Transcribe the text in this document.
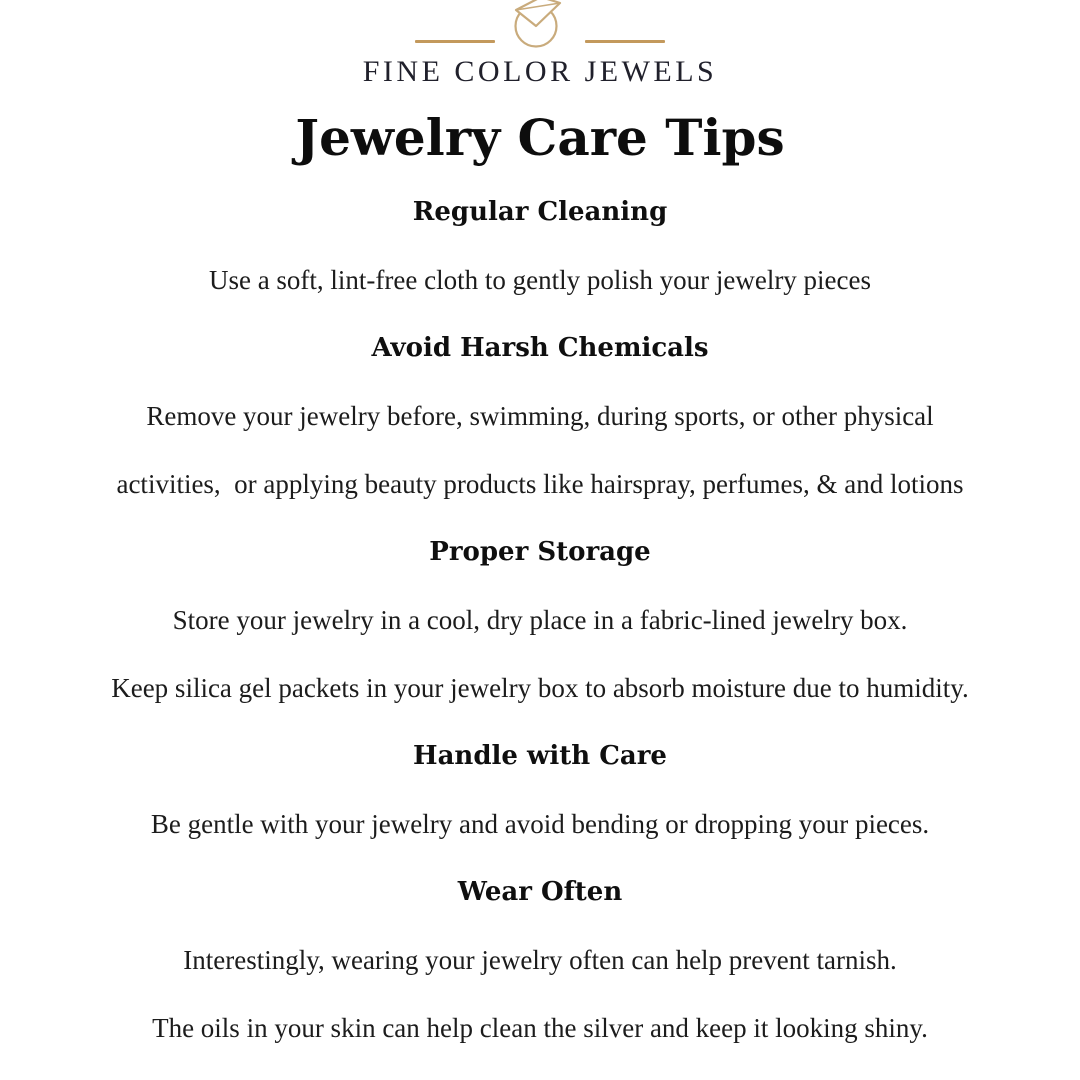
FINE COLOR JEWELS
Jewelry Care Tips
Regular Cleaning
Use a soft, lint-free cloth to gently polish your jewelry pieces
Avoid Harsh Chemicals
Remove your jewelry before, swimming, during sports, or other physical
activities,  or applying beauty products like hairspray, perfumes, & and lotions
Proper Storage
Store your jewelry in a cool, dry place in a fabric-lined jewelry box.
Keep silica gel packets in your jewelry box to absorb moisture due to humidity.
Handle with Care
Be gentle with your jewelry and avoid bending or dropping your pieces.
Wear Often
Interestingly, wearing your jewelry often can help prevent tarnish.
The oils in your skin can help clean the silver and keep it looking shiny.
